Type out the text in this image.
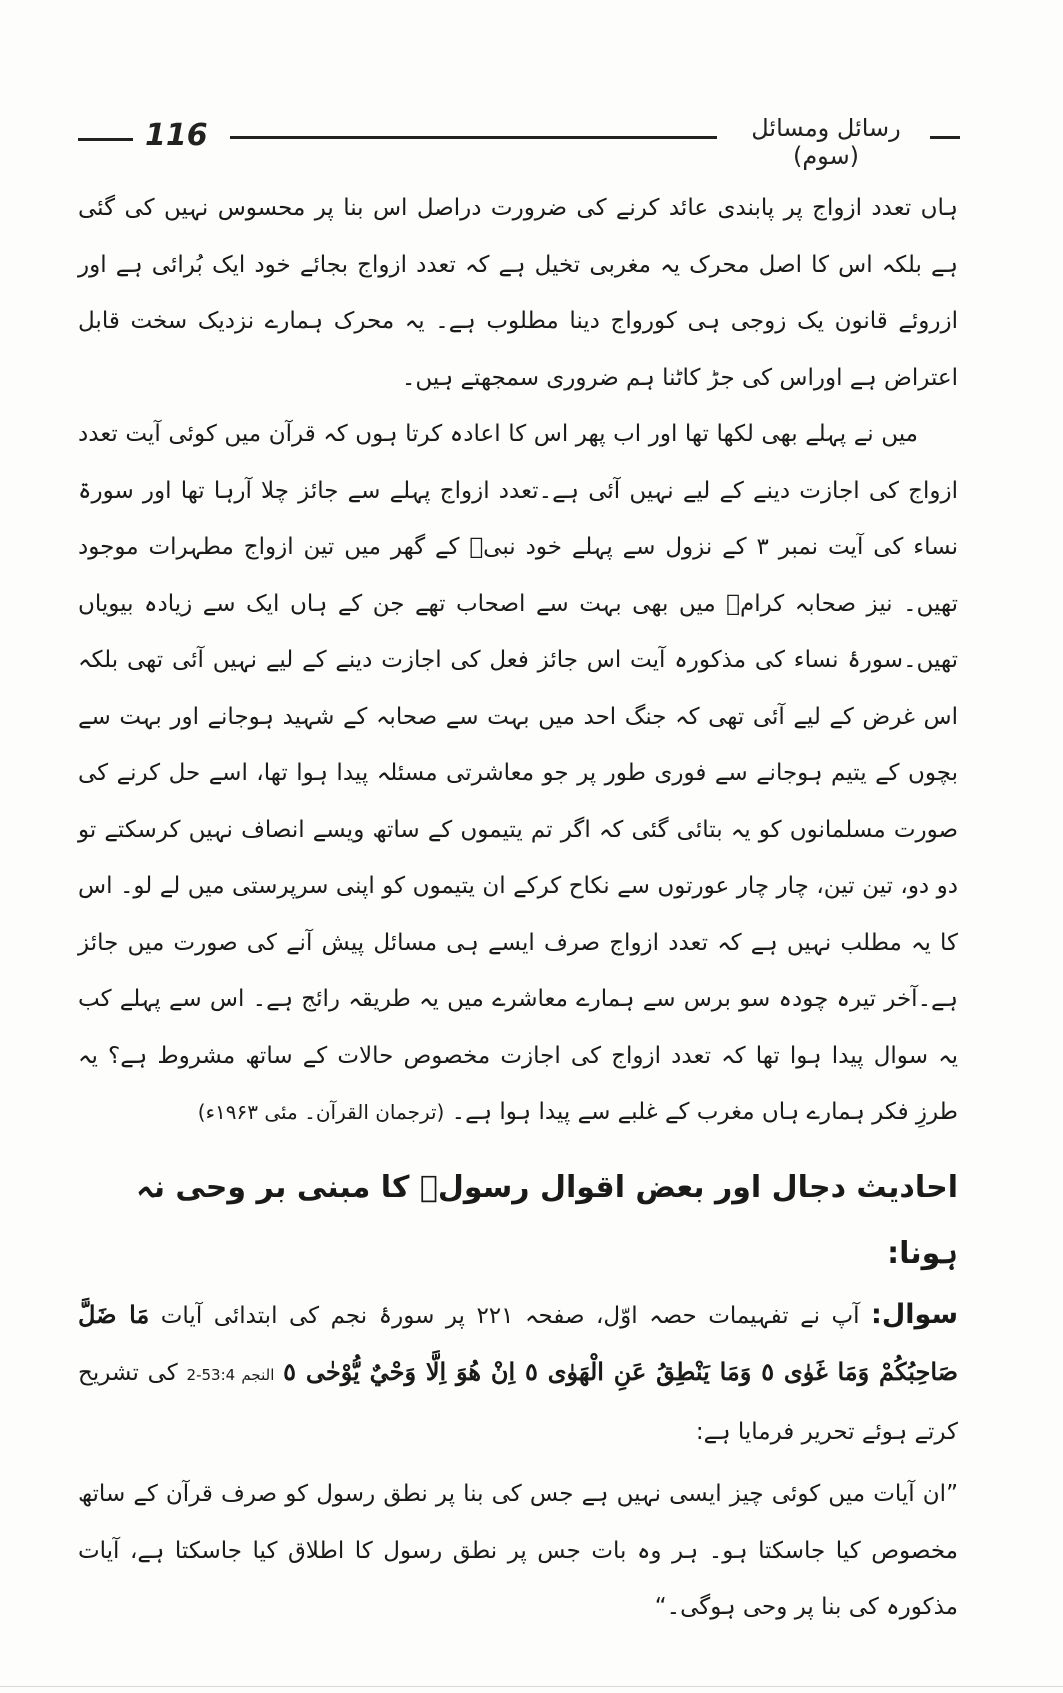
116	رسائل ومسائل (سوم)

ہاں تعدد ازواج پر پابندی عائد کرنے کی ضرورت دراصل اس بنا پر محسوس نہیں کی گئی ہے بلکہ اس کا اصل محرک یہ مغربی تخیل ہے کہ تعدد ازواج بجائے خود ایک بُرائی ہے اور ازروئے قانون یک زوجی ہی کورواج دینا مطلوب ہے۔ یہ محرک ہمارے نزدیک سخت قابل اعتراض ہے اوراس کی جڑ کاٹنا ہم ضروری سمجھتے ہیں۔

میں نے پہلے بھی لکھا تھا اور اب پھر اس کا اعادہ کرتا ہوں کہ قرآن میں کوئی آیت تعدد ازواج کی اجازت دینے کے لیے نہیں آئی ہے۔تعدد ازواج پہلے سے جائز چلا آرہا تھا اور سورۃ نساء کی آیت نمبر ۳ کے نزول سے پہلے خود نبیؐ کے گھر میں تین ازواج مطہرات موجود تھیں۔ نیز صحابہ کرامؓ میں بھی بہت سے اصحاب تھے جن کے ہاں ایک سے زیادہ بیویاں تھیں۔سورۂ نساء کی مذکورہ آیت اس جائز فعل کی اجازت دینے کے لیے نہیں آئی تھی بلکہ اس غرض کے لیے آئی تھی کہ جنگ احد میں بہت سے صحابہ کے شہید ہوجانے اور بہت سے بچوں کے یتیم ہوجانے سے فوری طور پر جو معاشرتی مسئلہ پیدا ہوا تھا، اسے حل کرنے کی صورت مسلمانوں کو یہ بتائی گئی کہ اگر تم یتیموں کے ساتھ ویسے انصاف نہیں کرسکتے تو دو دو، تین تین، چار چار عورتوں سے نکاح کرکے ان یتیموں کو اپنی سرپرستی میں لے لو۔ اس کا یہ مطلب نہیں ہے کہ تعدد ازواج صرف ایسے ہی مسائل پیش آنے کی صورت میں جائز ہے۔آخر تیرہ چودہ سو برس سے ہمارے معاشرے میں یہ طریقہ رائج ہے۔ اس سے پہلے کب یہ سوال پیدا ہوا تھا کہ تعدد ازواج کی اجازت مخصوص حالات کے ساتھ مشروط ہے؟ یہ طرزِ فکر ہمارے ہاں مغرب کے غلبے سے پیدا ہوا ہے۔ (ترجمان القرآن۔ مئی ۱۹۶۳ء)

احادیث دجال اور بعض اقوال رسولؐ کا مبنی بر وحی نہ ہونا:

سوال: آپ نے تفہیمات حصہ اوّل، صفحہ ۲۲۱ پر سورۂ نجم کی ابتدائی آیات مَا ضَلَّ صَاحِبُكُمْ وَمَا غَوٰى ٥ وَمَا يَنْطِقُ عَنِ الْهَوٰى ٥ اِنْ هُوَ اِلَّا وَحْيٌ يُّوْحٰى ٥ النجم 53:4-2 کی تشریح کرتے ہوئے تحریر فرمایا ہے:

”ان آیات میں کوئی چیز ایسی نہیں ہے جس کی بنا پر نطق رسول کو صرف قرآن کے ساتھ مخصوص کیا جاسکتا ہو۔ ہر وہ بات جس پر نطق رسول کا اطلاق کیا جاسکتا ہے، آیات مذکورہ کی بنا پر وحی ہوگی۔“
